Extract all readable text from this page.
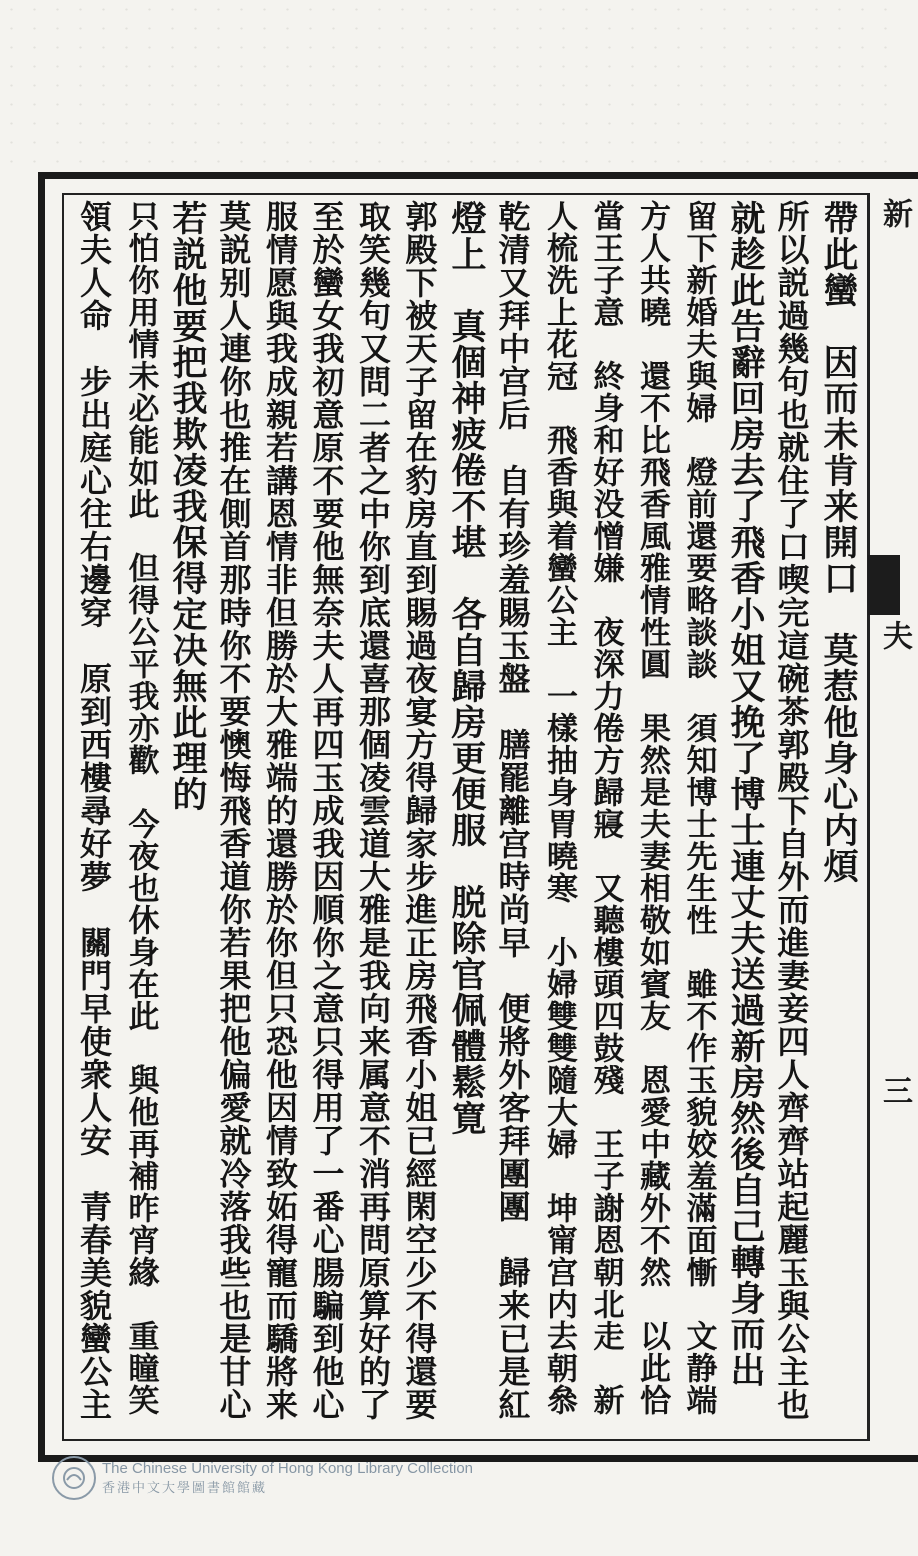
新
夫
三
帶此蠻　因而未肯来開口　莫惹他身心内煩
所以説過幾句也就住了口喫完這碗茶郭殿下自外而進妻妾四人齊齊站起麗玉與公主也
就趁此告辭回房去了飛香小姐又挽了博士連丈夫送過新房然後自己轉身而出
留下新婚夫與婦　燈前還要略談談　須知博士先生性　雖不作玉貌姣羞滿面慚　文静端
方人共曉　還不比飛香風雅情性圓　果然是夫妻相敬如賓友　恩愛中藏外不然　以此恰
當王子意　終身和好没憎嫌　夜深力倦方歸寢　又聽樓頭四鼓殘　王子謝恩朝北走　新
人梳洗上花冠　飛香與着蠻公主　一樣抽身胃曉寒　小婦雙雙隨大婦　坤甯宫内去朝叅
乾清又拜中宫后　自有珍羞賜玉盤　膳罷離宫時尚早　便將外客拜團團　歸来已是紅
燈上　真個神疲倦不堪　各自歸房更便服　脱除官佩體鬆寛
郭殿下被天子留在豹房直到賜過夜宴方得歸家步進正房飛香小姐已經閑空少不得還要
取笑幾句又問二者之中你到底還喜那個凌雲道大雅是我向来属意不消再問原算好的了
至於蠻女我初意原不要他無奈夫人再四玉成我因順你之意只得用了一番心腸騙到他心
服情愿與我成親若講恩情非但勝於大雅端的還勝於你但只恐他因情致妬得寵而驕將来
莫説别人連你也推在側首那時你不要懊悔飛香道你若果把他偏愛就冷落我些也是甘心
若説他要把我欺凌我保得定决無此理的
只怕你用情未必能如此　但得公平我亦歡　今夜也休身在此　與他再補昨宵緣　重瞳笑
領夫人命　步出庭心往右邊穿　原到西樓尋好夢　關門早使衆人安　青春美貌蠻公主
The Chinese University of Hong Kong Library Collection
香港中文大學圖書館館藏
